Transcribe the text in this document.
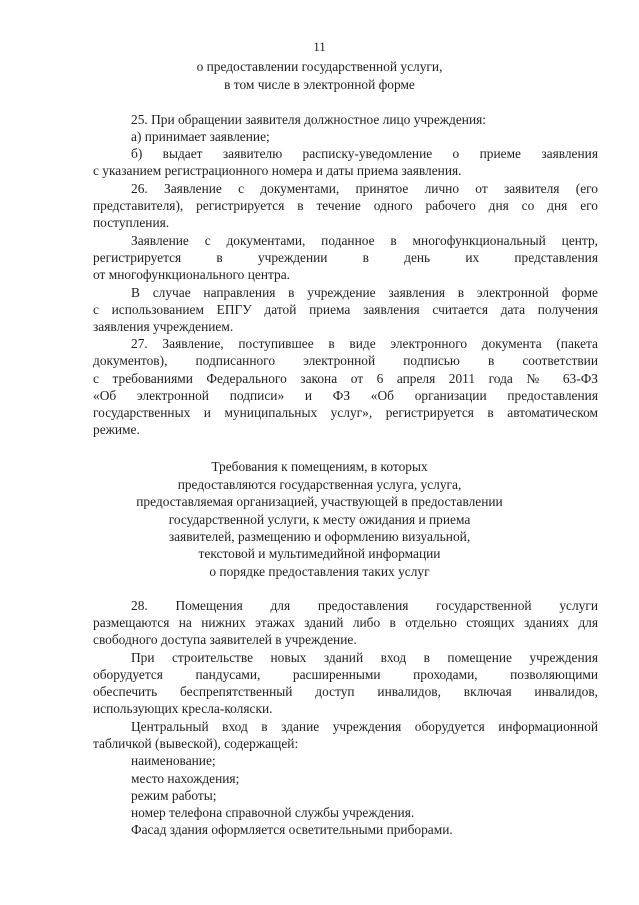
11
о предоставлении государственной услуги,
в том числе в электронной форме
25. При обращении заявителя должностное лицо учреждения:
а) принимает заявление;
б) выдает заявителю расписку-уведомление о приеме заявления
с указанием регистрационного номера и даты приема заявления.
26. Заявление с документами, принятое лично от заявителя (его
представителя), регистрируется в течение одного рабочего дня со дня его
поступления.
Заявление с документами, поданное в многофункциональный центр,
регистрируется в учреждении в день их представления
от многофункционального центра.
В случае направления в учреждение заявления в электронной форме
с использованием ЕПГУ датой приема заявления считается дата получения
заявления учреждением.
27. Заявление, поступившее в виде электронного документа (пакета
документов), подписанного электронной подписью в соответствии
с требованиями Федерального закона от 6 апреля 2011 года № 63-ФЗ
«Об электронной подписи» и ФЗ «Об организации предоставления
государственных и муниципальных услуг», регистрируется в автоматическом
режиме.
Требования к помещениям, в которых
предоставляются государственная услуга, услуга,
предоставляемая организацией, участвующей в предоставлении
государственной услуги, к месту ожидания и приема
заявителей, размещению и оформлению визуальной,
текстовой и мультимедийной информации
о порядке предоставления таких услуг
28. Помещения для предоставления государственной услуги
размещаются на нижних этажах зданий либо в отдельно стоящих зданиях для
свободного доступа заявителей в учреждение.
При строительстве новых зданий вход в помещение учреждения
оборудуется пандусами, расширенными проходами, позволяющими
обеспечить беспрепятственный доступ инвалидов, включая инвалидов,
использующих кресла-коляски.
Центральный вход в здание учреждения оборудуется информационной
табличкой (вывеской), содержащей:
наименование;
место нахождения;
режим работы;
номер телефона справочной службы учреждения.
Фасад здания оформляется осветительными приборами.
